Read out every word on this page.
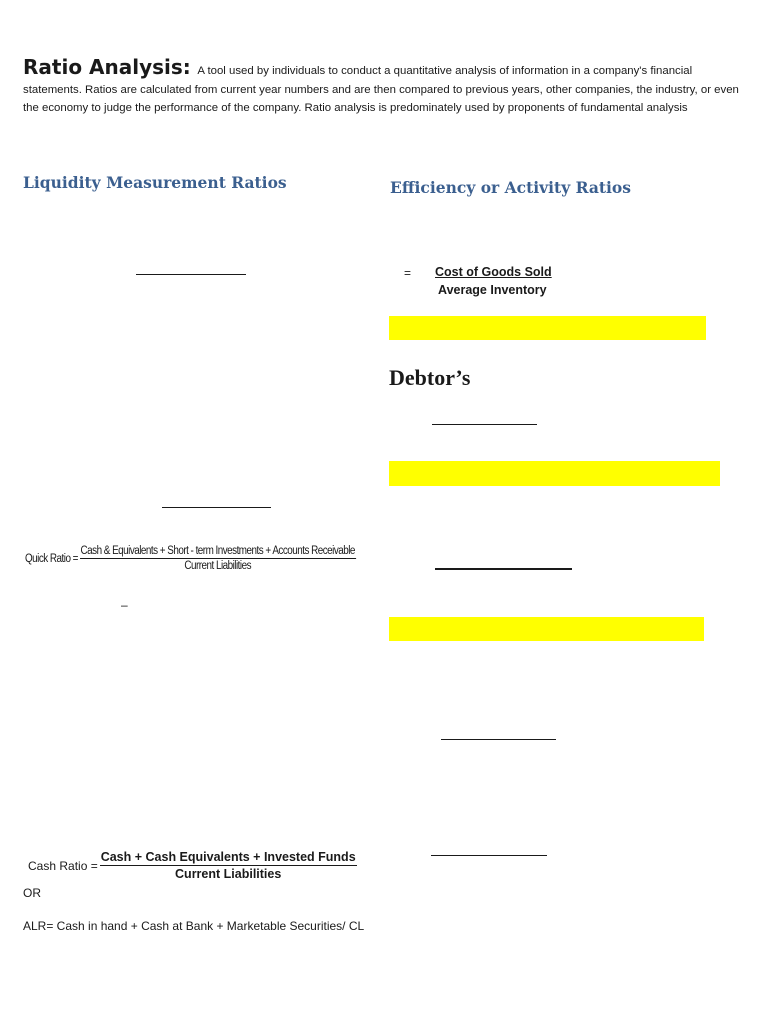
Ratio Analysis: A tool used by individuals to conduct a quantitative analysis of information in a company's financial statements. Ratios are calculated from current year numbers and are then compared to previous years, other companies, the industry, or even the economy to judge the performance of the company. Ratio analysis is predominately used by proponents of fundamental analysis
Liquidity Measurement Ratios
Quick Ratio =
Cash & Equivalents + Short - term Investments + Accounts Receivable
Current Liabilities
–
Cash Ratio = $\frac{\text{Cash + Cash Equivalents + Invested Funds}}{\text{Current Liabilities}}$
OR
ALR= Cash in hand + Cash at Bank + Marketable Securities/ CL
Efficiency or Activity Ratios
= Cost of Goods Sold
Average Inventory
Debtor’s
